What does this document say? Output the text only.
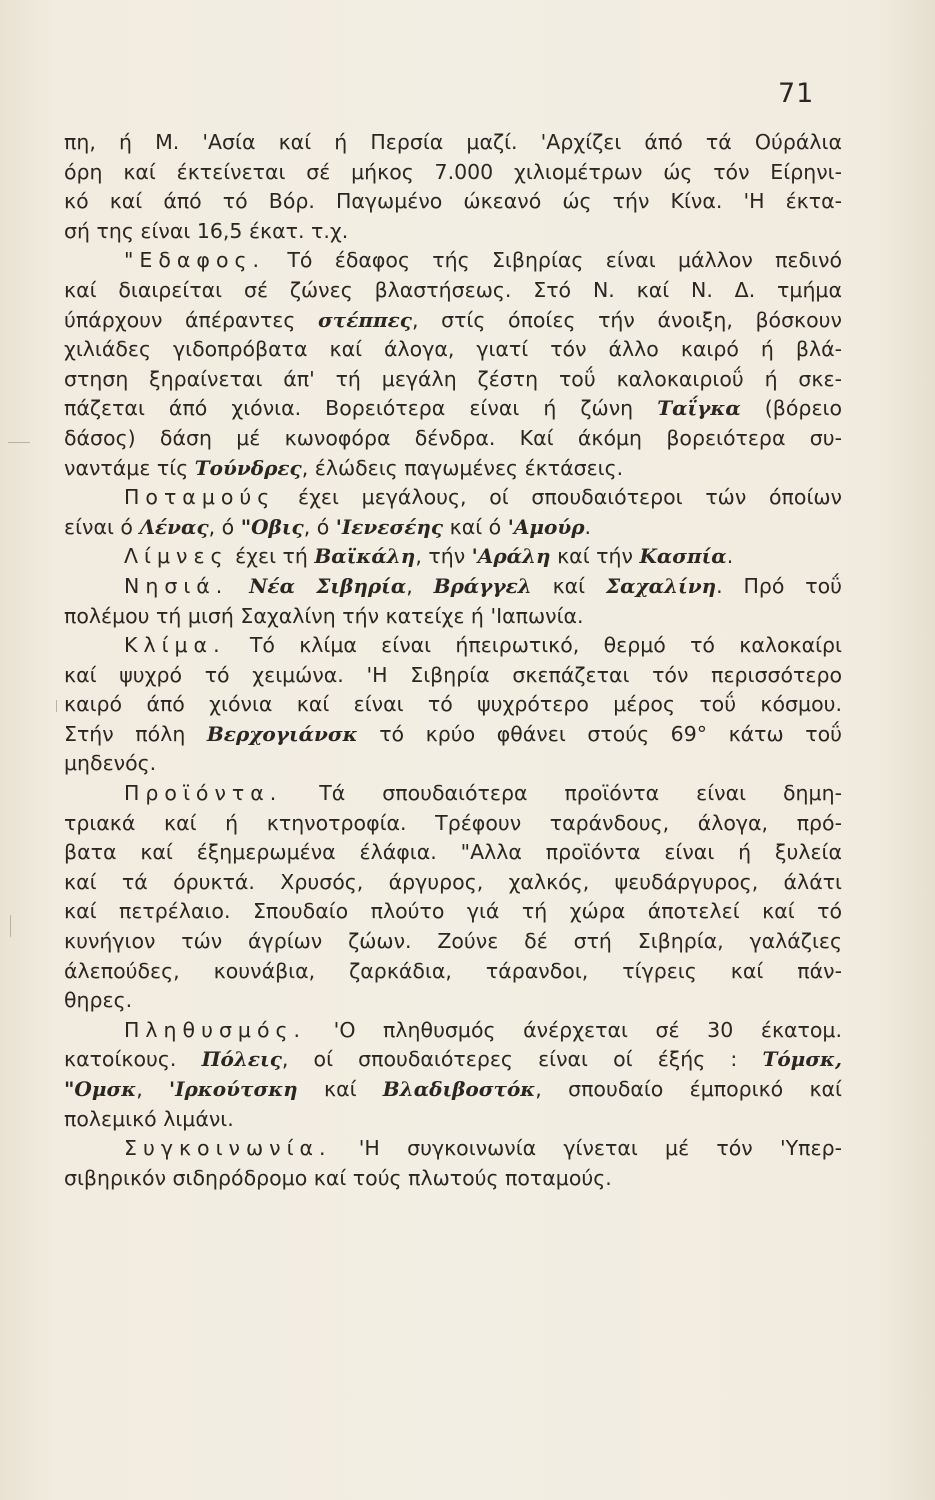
71
πη, ή Μ. 'Ασία καί ή Περσία μαζί. 'Αρχίζει άπό τά Ούράλια
όρη καί έκτείνεται σέ μήκος 7.000 χιλιομέτρων ώς τόν Είρηνι-
κό καί άπό τό Βόρ. Παγωμένο ώκεανό ώς τήν Κίνα. 'Η έκτα-
σή της είναι 16,5 έκατ. τ.χ.
"Εδαφος. Τό έδαφος τής Σιβηρίας είναι μάλλον πεδινό
καί διαιρείται σέ ζώνες βλαστήσεως. Στό Ν. καί Ν. Δ. τμήμα
ύπάρχουν άπέραντες στέππες, στίς όποίες τήν άνοιξη, βόσκουν
χιλιάδες γιδοπρόβατα καί άλογα, γιατί τόν άλλο καιρό ή βλά-
στηση ξηραίνεται άπ' τή μεγάλη ζέστη τοΰ καλοκαιριοΰ ή σκε-
πάζεται άπό χιόνια. Βορειότερα είναι ή ζώνη Ταΐγκα (βόρειο
δάσος) δάση μέ κωνοφόρα δένδρα. Καί άκόμη βορειότερα συ-
ναντάμε τίς Τούνδρες, έλώδεις παγωμένες έκτάσεις.
Ποταμούς έχει μεγάλους, οί σπουδαιότεροι τών όποίων
είναι ό Λένας, ό "Οβις, ό 'Ιενεσέης καί ό 'Αμούρ.
Λίμνες έχει τή Βαϊκάλη, τήν 'Αράλη καί τήν Κασπία.
Νησιά. Νέα Σιβηρία, Βράγγελ καί Σαχαλίνη. Πρό τοΰ
πολέμου τή μισή Σαχαλίνη τήν κατείχε ή 'Ιαπωνία.
Κλίμα. Τό κλίμα είναι ήπειρωτικό, θερμό τό καλοκαίρι
καί ψυχρό τό χειμώνα. 'Η Σιβηρία σκεπάζεται τόν περισσότερο
καιρό άπό χιόνια καί είναι τό ψυχρότερο μέρος τοΰ κόσμου.
Στήν πόλη Βερχογιάνσκ τό κρύο φθάνει στούς 69° κάτω τοΰ
μηδενός.
Προϊόντα. Τά σπουδαιότερα προϊόντα είναι δημη-
τριακά καί ή κτηνοτροφία. Τρέφουν ταράνδους, άλογα, πρό-
βατα καί έξημερωμένα έλάφια. "Αλλα προϊόντα είναι ή ξυλεία
καί τά όρυκτά. Χρυσός, άργυρος, χαλκός, ψευδάργυρος, άλάτι
καί πετρέλαιο. Σπουδαίο πλούτο γιά τή χώρα άποτελεί καί τό
κυνήγιον τών άγρίων ζώων. Ζούνε δέ στή Σιβηρία, γαλάζιες
άλεπούδες, κουνάβια, ζαρκάδια, τάρανδοι, τίγρεις καί πάν-
θηρες.
Πληθυσμός. 'Ο πληθυσμός άνέρχεται σέ 30 έκατομ.
κατοίκους. Πόλεις, οί σπουδαιότερες είναι οί έξής : Τόμσκ,
"Ομσκ, 'Ιρκούτσκη καί Βλαδιβοστόκ, σπουδαίο έμπορικό καί
πολεμικό λιμάνι.
Συγκοινωνία. 'Η συγκοινωνία γίνεται μέ τόν 'Υπερ-
σιβηρικόν σιδηρόδρομο καί τούς πλωτούς ποταμούς.
